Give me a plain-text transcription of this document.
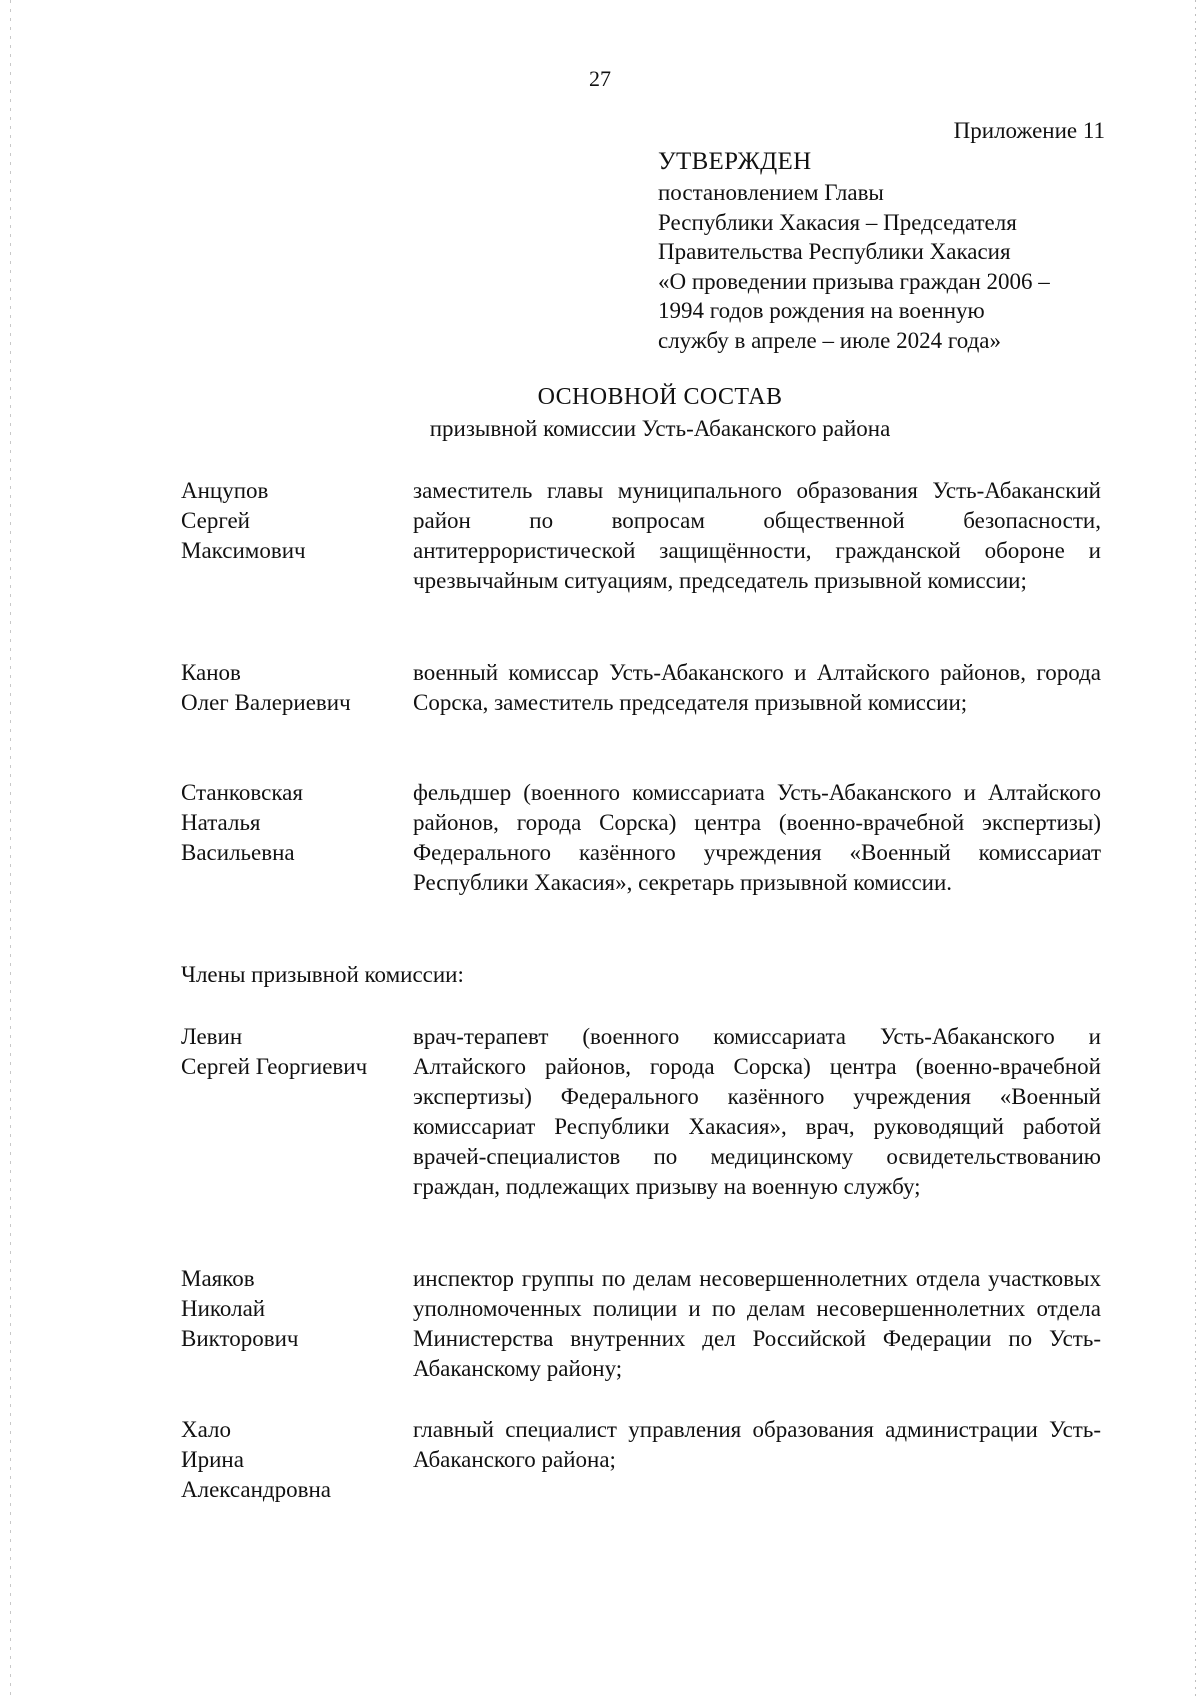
27
Приложение 11
УТВЕРЖДЕН
постановлением Главы
Республики Хакасия – Председателя
Правительства Республики Хакасия
«О проведении призыва граждан 2006 –
1994 годов рождения на военную
службу в апреле – июле 2024 года»
ОСНОВНОЙ СОСТАВ
призывной комиссии Усть-Абаканского района
Анцупов
Сергей
Максимович
заместитель главы муниципального образования Усть-Абаканский район по вопросам общественной безопасности, антитеррористической защищённости, гражданской обороне и чрезвычайным ситуациям, председатель призывной комиссии;
Канов
Олег Валериевич
военный комиссар Усть-Абаканского и Алтайского районов, города Сорска, заместитель председателя призывной комиссии;
Станковская
Наталья
Васильевна
фельдшер (военного комиссариата Усть-Абаканского и Алтайского районов, города Сорска) центра (военно-врачебной экспертизы) Федерального казённого учреждения «Военный комиссариат Республики Хакасия», секретарь призывной комиссии.
Члены призывной комиссии:
Левин
Сергей Георгиевич
врач-терапевт (военного комиссариата Усть-Абаканского и Алтайского районов, города Сорска) центра (военно-врачебной экспертизы) Федерального казённого учреждения «Военный комиссариат Республики Хакасия», врач, руководящий работой врачей-специалистов по медицинскому освидетельствованию граждан, подлежащих призыву на военную службу;
Маяков
Николай
Викторович
инспектор группы по делам несовершеннолетних отдела участковых уполномоченных полиции и по делам несовершеннолетних отдела Министерства внутренних дел Российской Федерации по Усть-Абаканскому району;
Хало
Ирина
Александровна
главный специалист управления образования администрации Усть-Абаканского района;
